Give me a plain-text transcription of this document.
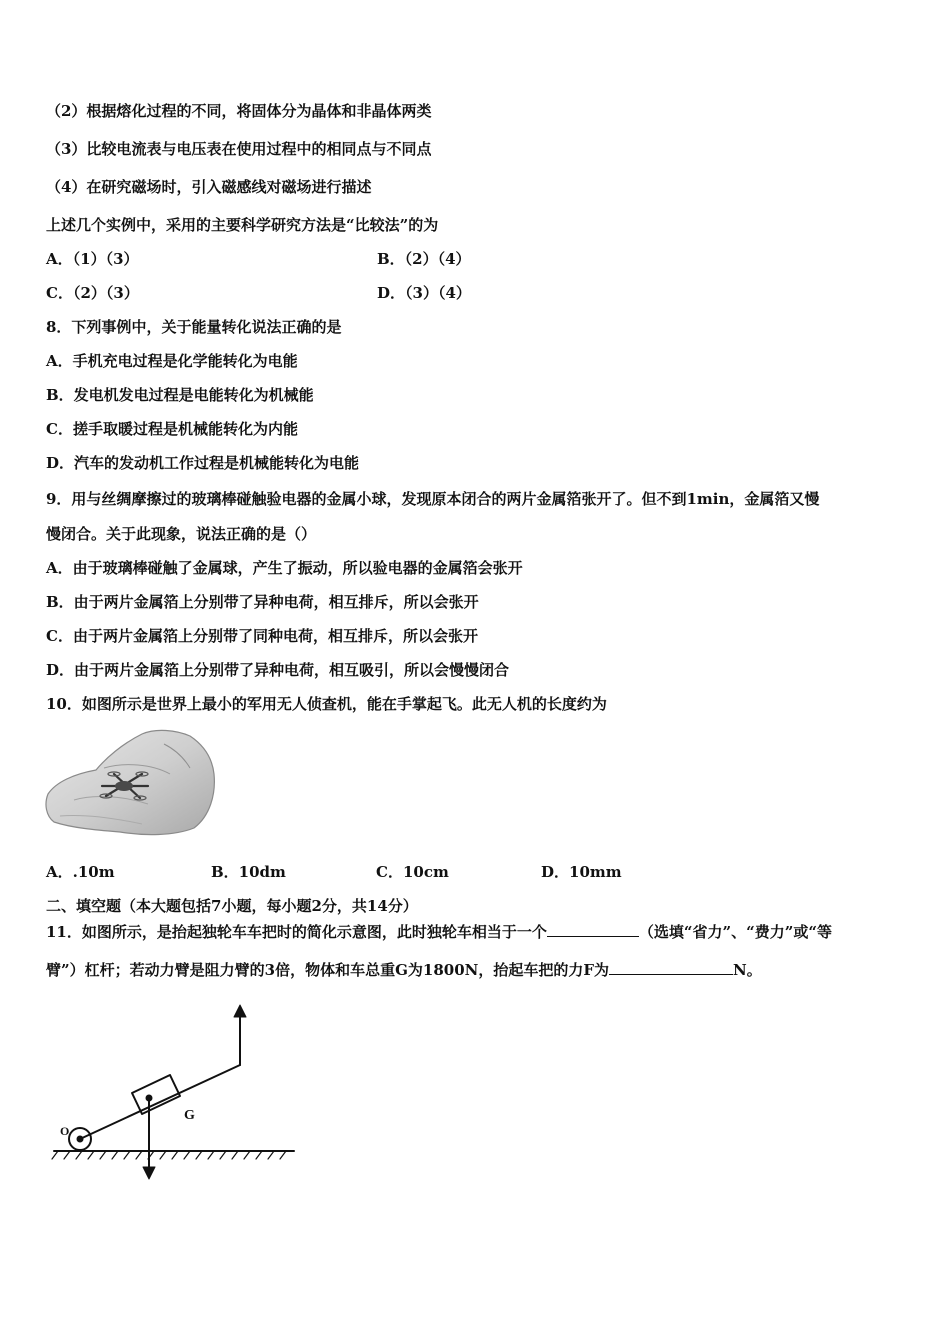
（2）根据熔化过程的不同，将固体分为晶体和非晶体两类
（3）比较电流表与电压表在使用过程中的相同点与不同点
（4）在研究磁场时，引入磁感线对磁场进行描述
上述几个实例中，采用的主要科学研究方法是“比较法”的为
A．（1）（3）	B．（2）（4）
C．（2）（3）	D．（3）（4）
8．下列事例中，关于能量转化说法正确的是
A．手机充电过程是化学能转化为电能
B．发电机发电过程是电能转化为机械能
C．搓手取暖过程是机械能转化为内能
D．汽车的发动机工作过程是机械能转化为电能
9．用与丝绸摩擦过的玻璃棒碰触验电器的金属小球，发现原本闭合的两片金属箔张开了。但不到1min，金属箔又慢
慢闭合。关于此现象，说法正确的是（）
A．由于玻璃棒碰触了金属球，产生了振动，所以验电器的金属箔会张开
B．由于两片金属箔上分别带了异种电荷，相互排斥，所以会张开
C．由于两片金属箔上分别带了同种电荷，相互排斥，所以会张开
D．由于两片金属箔上分别带了异种电荷，相互吸引，所以会慢慢闭合
10．如图所示是世界上最小的军用无人侦查机，能在手掌起飞。此无人机的长度约为
A．.10m	B．10dm	C．10cm	D．10mm
二、填空题（本大题包括7小题，每小题2分，共14分）
11．如图所示，是抬起独轮车车把时的简化示意图，此时独轮车相当于一个	（选填“省力”、“费力”或“等
臂”）杠杆；若动力臂是阻力臂的3倍，物体和车总重G为1800N，抬起车把的力F为	N。
G
O
